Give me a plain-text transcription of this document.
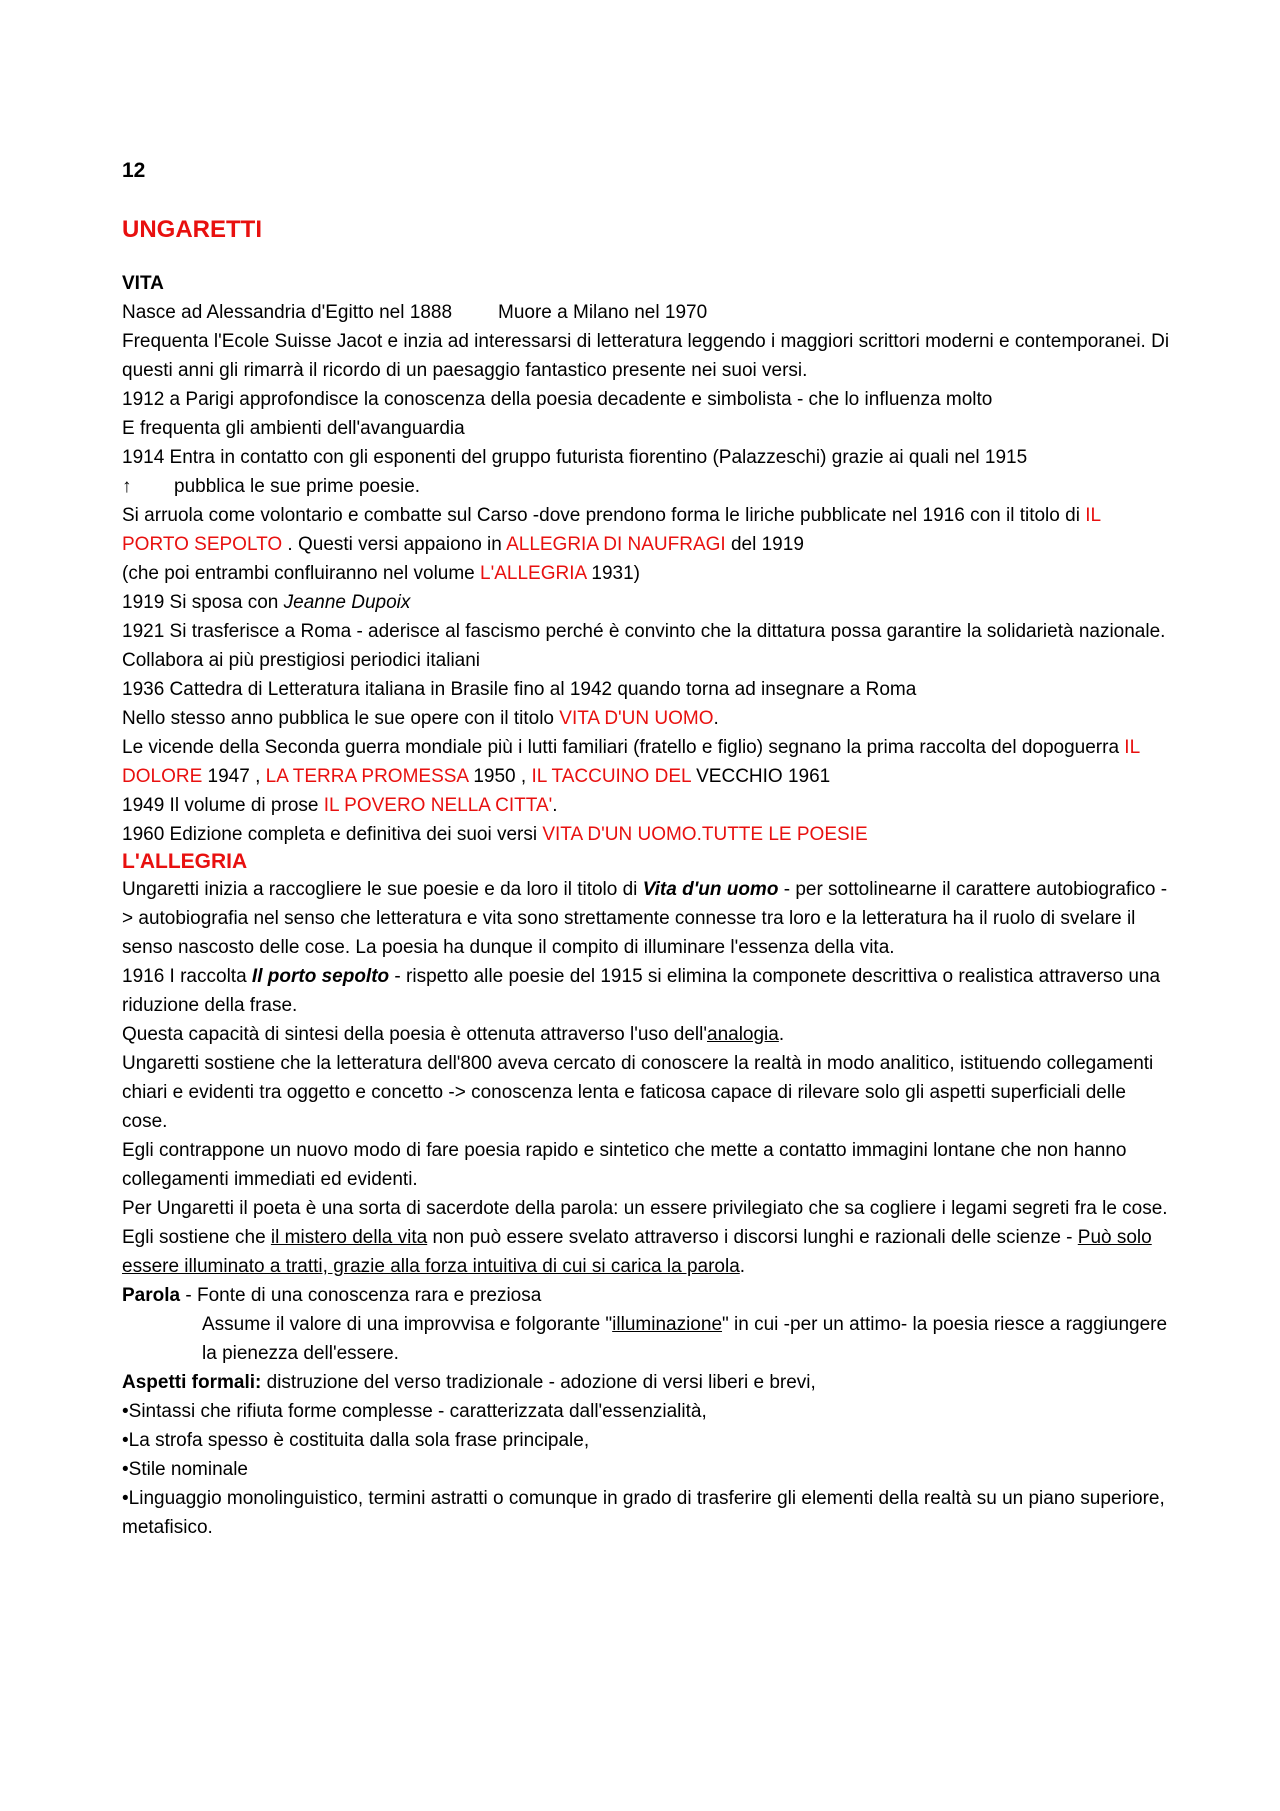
12

UNGARETTI

VITA

Nasce ad Alessandria d'Egitto nel 1888 Muore a Milano nel 1970

Frequenta l'Ecole Suisse Jacot e inzia ad interessarsi di letteratura leggendo i maggiori scrittori moderni e contemporanei. Di questi anni gli rimarrà il ricordo di un paesaggio fantastico presente nei suoi versi.

1912 a Parigi approfondisce la conoscenza della poesia decadente e simbolista - che lo influenza molto

E frequenta gli ambienti dell'avanguardia

1914 Entra in contatto con gli esponenti del gruppo futurista fiorentino (Palazzeschi) grazie ai quali nel 1915

↑ pubblica le sue prime poesie.

Si arruola come volontario e combatte sul Carso -dove prendono forma le liriche pubblicate nel 1916 con il titolo di IL PORTO SEPOLTO . Questi versi appaiono in ALLEGRIA DI NAUFRAGI del 1919

(che poi entrambi confluiranno nel volume L'ALLEGRIA 1931)

1919 Si sposa con Jeanne Dupoix

1921 Si trasferisce a Roma - aderisce al fascismo perché è convinto che la dittatura possa garantire la solidarietà nazionale.

Collabora ai più prestigiosi periodici italiani

1936 Cattedra di Letteratura italiana in Brasile fino al 1942 quando torna ad insegnare a Roma

Nello stesso anno pubblica le sue opere con il titolo VITA D'UN UOMO.

Le vicende della Seconda guerra mondiale più i lutti familiari (fratello e figlio) segnano la prima raccolta del dopoguerra IL DOLORE 1947 , LA TERRA PROMESSA 1950 , IL TACCUINO DEL VECCHIO 1961

1949 Il volume di prose IL POVERO NELLA CITTA'.

1960 Edizione completa e definitiva dei suoi versi VITA D'UN UOMO.TUTTE LE POESIE

L'ALLEGRIA

Ungaretti inizia a raccogliere le sue poesie e da loro il titolo di Vita d'un uomo - per sottolinearne il carattere autobiografico -> autobiografia nel senso che letteratura e vita sono strettamente connesse tra loro e la letteratura ha il ruolo di svelare il senso nascosto delle cose. La poesia ha dunque il compito di illuminare l'essenza della vita.

1916 I raccolta Il porto sepolto - rispetto alle poesie del 1915 si elimina la componete descrittiva o realistica attraverso una riduzione della frase.

Questa capacità di sintesi della poesia è ottenuta attraverso l'uso dell'analogia.

Ungaretti sostiene che la letteratura dell'800 aveva cercato di conoscere la realtà in modo analitico, istituendo collegamenti chiari e evidenti tra oggetto e concetto -> conoscenza lenta e faticosa capace di rilevare solo gli aspetti superficiali delle cose.

Egli contrappone un nuovo modo di fare poesia rapido e sintetico che mette a contatto immagini lontane che non hanno collegamenti immediati ed evidenti.

Per Ungaretti il poeta è una sorta di sacerdote della parola: un essere privilegiato che sa cogliere i legami segreti fra le cose.

Egli sostiene che il mistero della vita non può essere svelato attraverso i discorsi lunghi e razionali delle scienze - Può solo essere illuminato a tratti, grazie alla forza intuitiva di cui si carica la parola.

Parola - Fonte di una conoscenza rara e preziosa

Assume il valore di una improvvisa e folgorante "illuminazione" in cui -per un attimo- la poesia riesce a raggiungere la pienezza dell'essere.

Aspetti formali: distruzione del verso tradizionale - adozione di versi liberi e brevi,

•Sintassi che rifiuta forme complesse - caratterizzata dall'essenzialità,

•La strofa spesso è costituita dalla sola frase principale,

•Stile nominale

•Linguaggio monolinguistico, termini astratti o comunque in grado di trasferire gli elementi della realtà su un piano superiore, metafisico.
